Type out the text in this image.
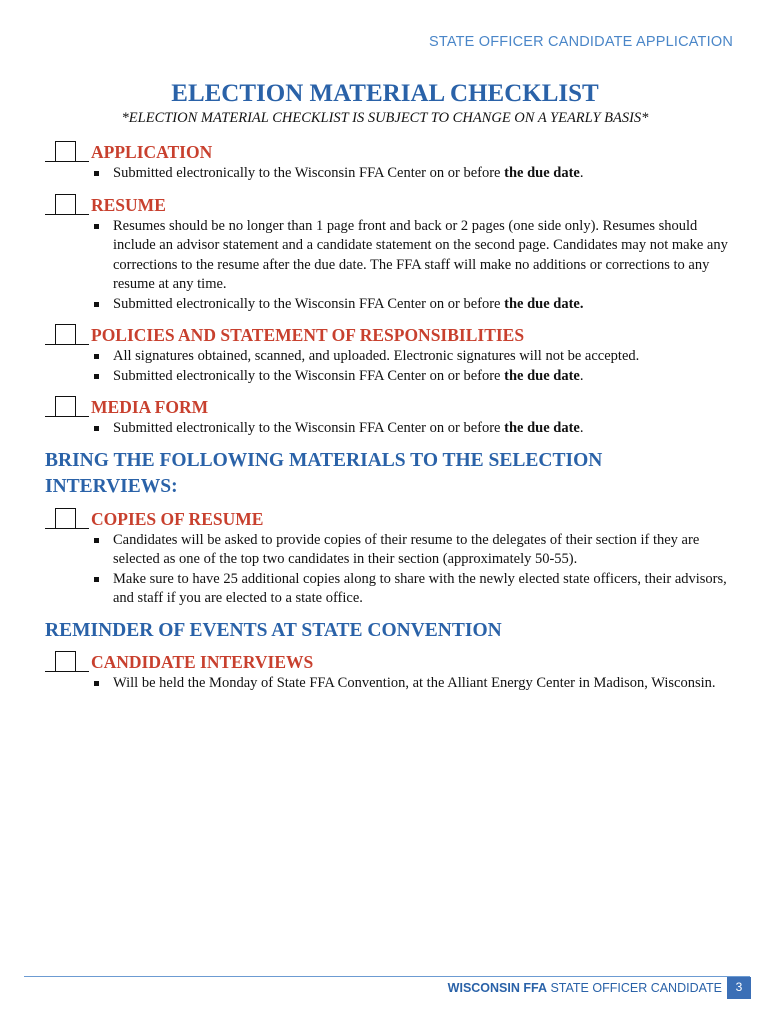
STATE OFFICER CANDIDATE APPLICATION
ELECTION MATERIAL CHECKLIST
*ELECTION MATERIAL CHECKLIST IS SUBJECT TO CHANGE ON A YEARLY BASIS*
APPLICATION
Submitted electronically to the Wisconsin FFA Center on or before the due date.
RESUME
Resumes should be no longer than 1 page front and back or 2 pages (one side only). Resumes should include an advisor statement and a candidate statement on the second page. Candidates may not make any corrections to the resume after the due date. The FFA staff will make no additions or corrections to any resume at any time.
Submitted electronically to the Wisconsin FFA Center on or before the due date.
POLICIES AND STATEMENT OF RESPONSIBILITIES
All signatures obtained, scanned, and uploaded. Electronic signatures will not be accepted.
Submitted electronically to the Wisconsin FFA Center on or before the due date.
MEDIA FORM
Submitted electronically to the Wisconsin FFA Center on or before the due date.
BRING THE FOLLOWING MATERIALS TO THE SELECTION INTERVIEWS:
COPIES OF RESUME
Candidates will be asked to provide copies of their resume to the delegates of their section if they are selected as one of the top two candidates in their section (approximately 50-55).
Make sure to have 25 additional copies along to share with the newly elected state officers, their advisors, and staff if you are elected to a state office.
REMINDER OF EVENTS AT STATE CONVENTION
CANDIDATE INTERVIEWS
Will be held the Monday of State FFA Convention, at the Alliant Energy Center in Madison, Wisconsin.
WISCONSIN FFA STATE OFFICER CANDIDATE	3
